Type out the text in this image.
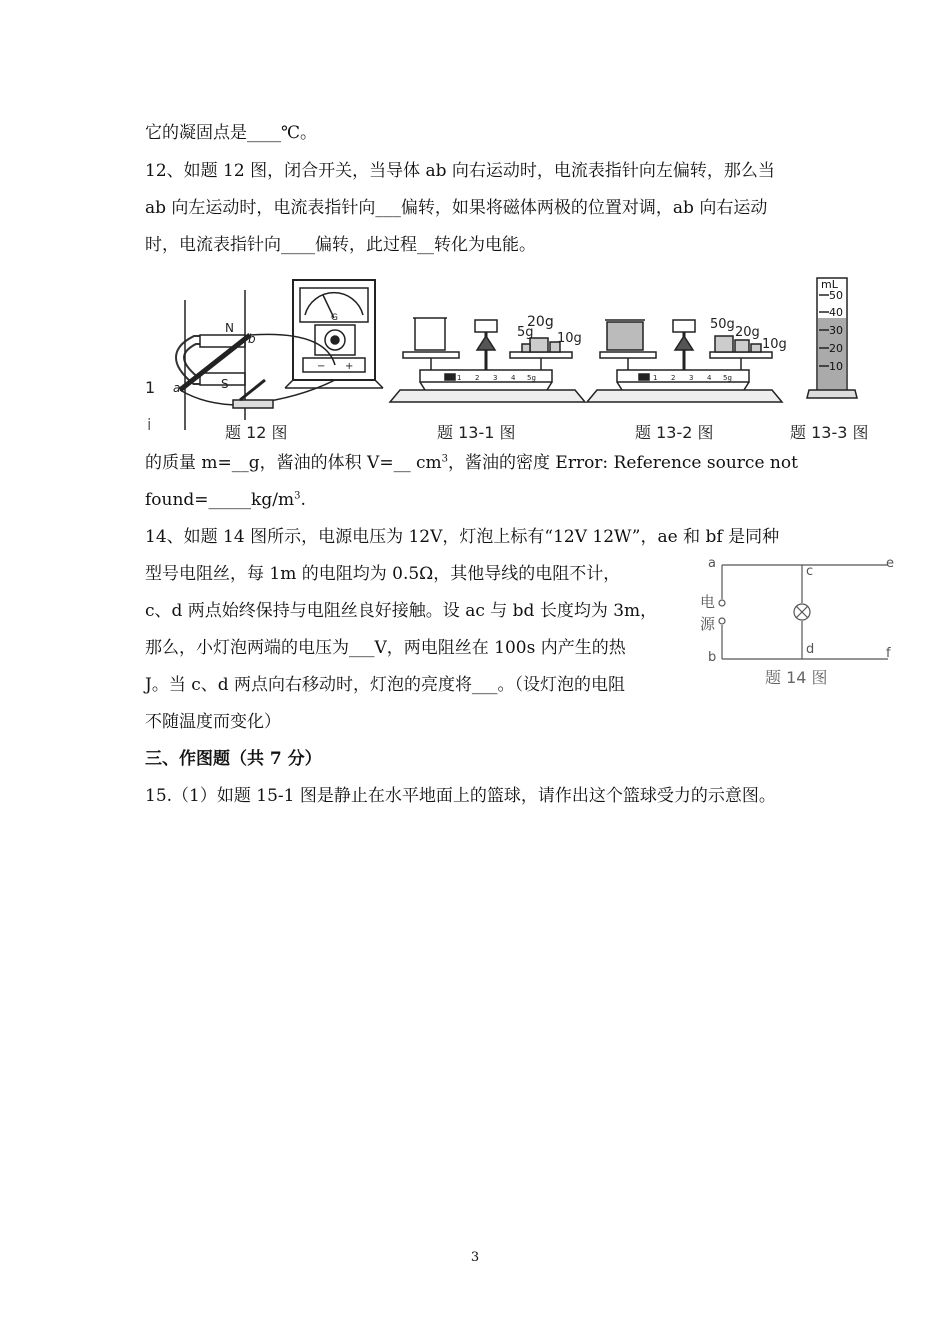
它的凝固点是____℃。
12、如题 12 图，闭合开关，当导体 ab 向右运动时，电流表指针向左偏转，那么当
ab 向左运动时，电流表指针向___偏转，如果将磁体两极的位置对调，ab 向右运动
时，电流表指针向____偏转，此过程__转化为电能。
1
i
N
S
a
b
G
− +
5g
20g
10g
1 2 3 4 5g
50g
20g
10g
1 2 3 4 5g
mL
50
40
30
20
10
题 12 图	题 13-1 图	题 13-2 图	题 13-3 图
的质量 m=__g，酱油的体积 V=__ $cm^3$，酱油的密度 Error: Reference source not
$found=\_\_\_\_\_kg/m^3$.
14、如题 14 图所示，电源电压为 12V，灯泡上标有“12V 12W”，ae 和 bf 是同种
型号电阻丝，每 1m 的电阻均为 0.5Ω，其他导线的电阻不计，
c、d 两点始终保持与电阻丝良好接触。设 ac 与 bd 长度均为 3m，
那么，小灯泡两端的电压为___V，两电阻丝在 100s 内产生的热
J。当 c、d 两点向右移动时，灯泡的亮度将___。（设灯泡的电阻
不随温度而变化）
a
b
c
d
e
f
电
源
题 14 图
三、作图题（共 7 分）
15.（1）如题 15-1 图是静止在水平地面上的篮球，请作出这个篮球受力的示意图。
3
